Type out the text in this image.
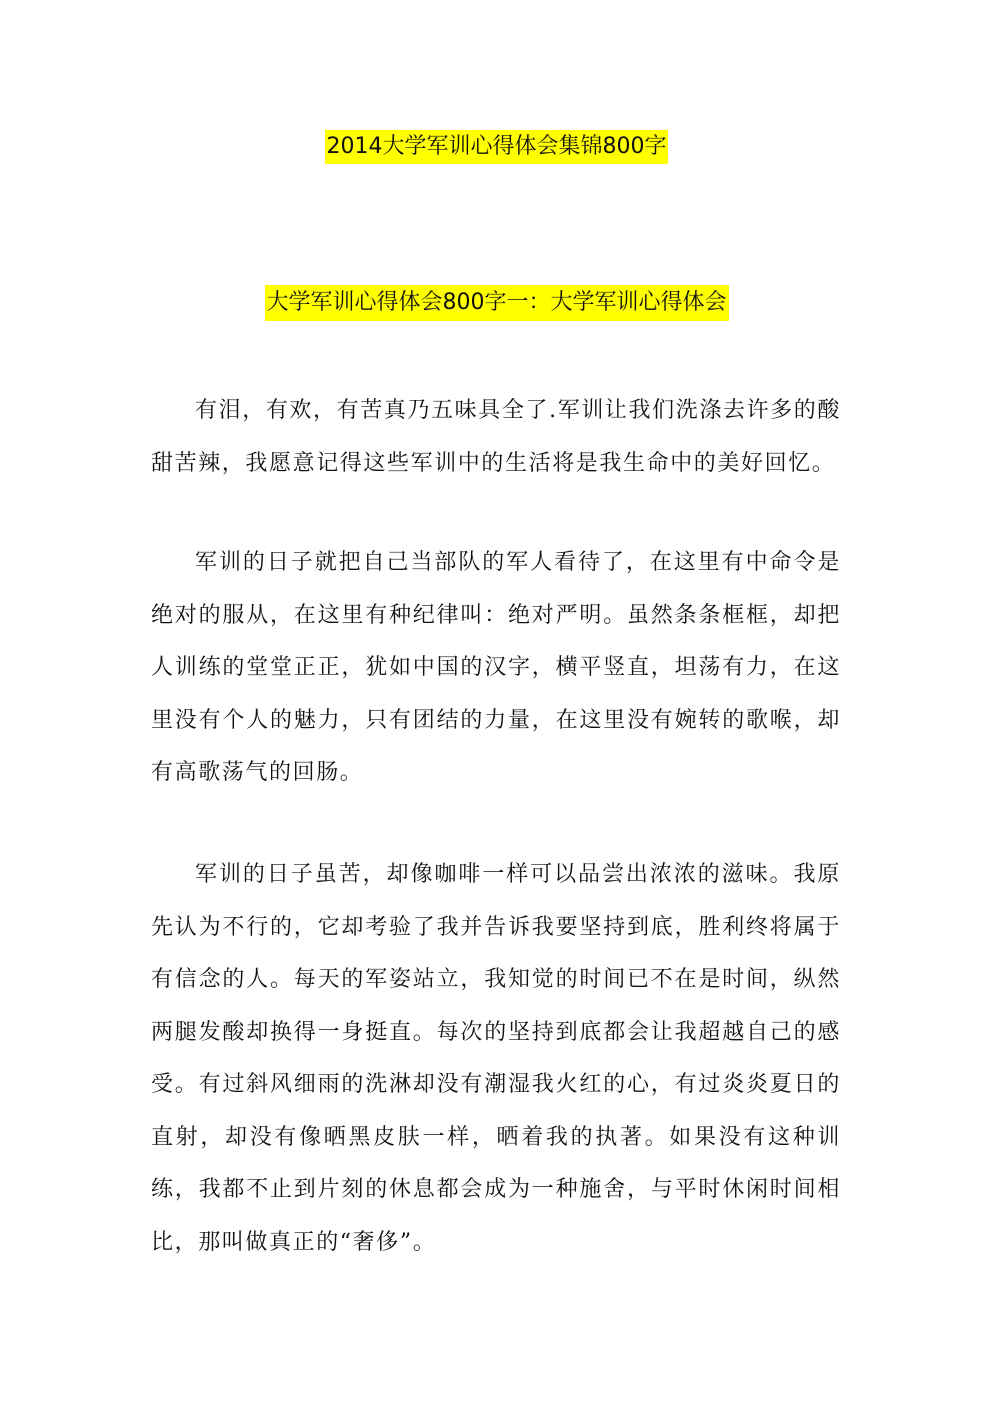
2014大学军训心得体会集锦800字
大学军训心得体会800字一：大学军训心得体会

有泪，有欢，有苦真乃五味具全了.军训让我们洗涤去许多的酸甜苦辣，我愿意记得这些军训中的生活将是我生命中的美好回忆。

军训的日子就把自己当部队的军人看待了，在这里有中命令是绝对的服从，在这里有种纪律叫：绝对严明。虽然条条框框，却把人训练的堂堂正正，犹如中国的汉字，横平竖直，坦荡有力，在这里没有个人的魅力，只有团结的力量，在这里没有婉转的歌喉，却有高歌荡气的回肠。

军训的日子虽苦，却像咖啡一样可以品尝出浓浓的滋味。我原先认为不行的，它却考验了我并告诉我要坚持到底，胜利终将属于有信念的人。每天的军姿站立，我知觉的时间已不在是时间，纵然两腿发酸却换得一身挺直。每次的坚持到底都会让我超越自己的感受。有过斜风细雨的洗淋却没有潮湿我火红的心，有过炎炎夏日的直射，却没有像晒黑皮肤一样，晒着我的执著。如果没有这种训练，我都不止到片刻的休息都会成为一种施舍，与平时休闲时间相比，那叫做真正的“奢侈”。
